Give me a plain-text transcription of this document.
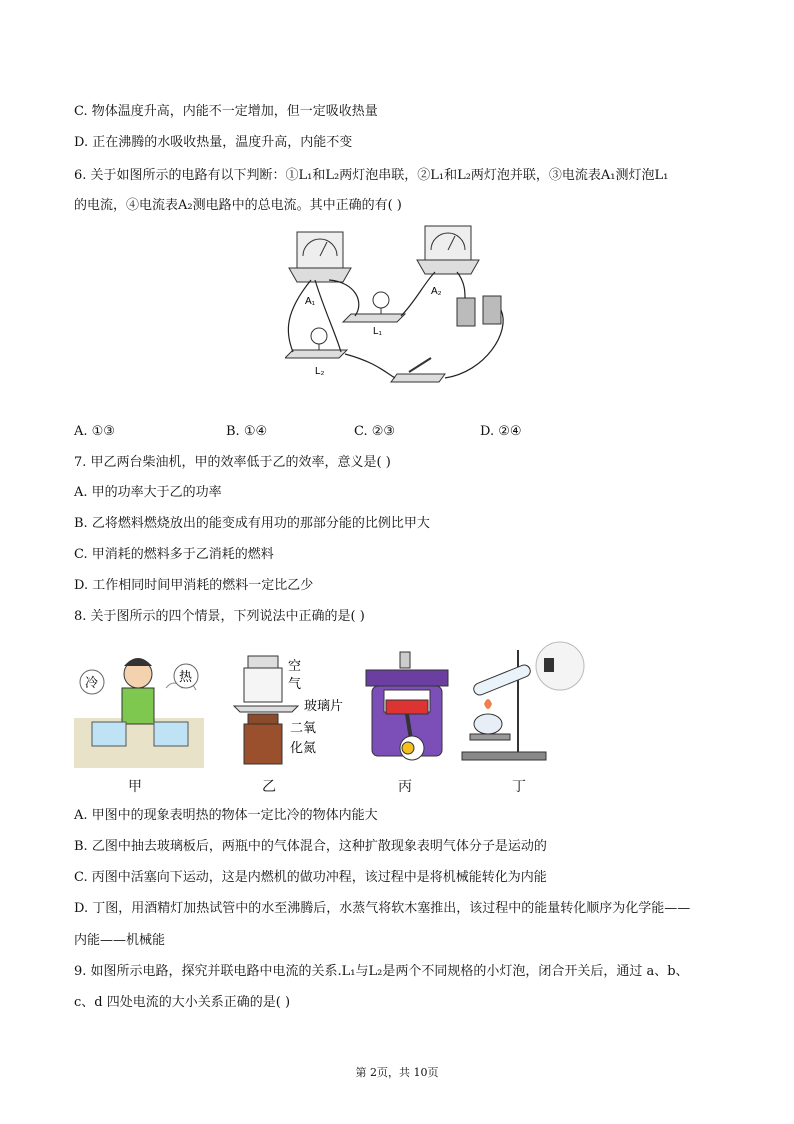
C. 物体温度升高，内能不一定增加，但一定吸收热量
D. 正在沸腾的水吸收热量，温度升高，内能不变
6. 关于如图所示的电路有以下判断：①L₁和L₂两灯泡串联，②L₁和L₂两灯泡并联，③电流表A₁测灯泡L₁
的电流，④电流表A₂测电路中的总电流。其中正确的有( )
A₁
A₂
L₁
L₂
A. ①③	B. ①④	C. ②③	D. ②④
7. 甲乙两台柴油机，甲的效率低于乙的效率，意义是( )
A. 甲的功率大于乙的功率
B. 乙将燃料燃烧放出的能变成有用功的那部分能的比例比甲大
C. 甲消耗的燃料多于乙消耗的燃料
D. 工作相同时间甲消耗的燃料一定比乙少
8. 关于图所示的四个情景，下列说法中正确的是( )
冷	热
空
气
玻璃片
二氧
化氮
甲	乙	丙	丁
A. 甲图中的现象表明热的物体一定比冷的物体内能大
B. 乙图中抽去玻璃板后，两瓶中的气体混合，这种扩散现象表明气体分子是运动的
C. 丙图中活塞向下运动，这是内燃机的做功冲程，该过程中是将机械能转化为内能
D. 丁图，用酒精灯加热试管中的水至沸腾后，水蒸气将软木塞推出，该过程中的能量转化顺序为化学能——
内能——机械能
9. 如图所示电路，探究并联电路中电流的关系.L₁与L₂是两个不同规格的小灯泡，闭合开关后，通过 a、b、
c、d 四处电流的大小关系正确的是( )
第 2页，共 10页
